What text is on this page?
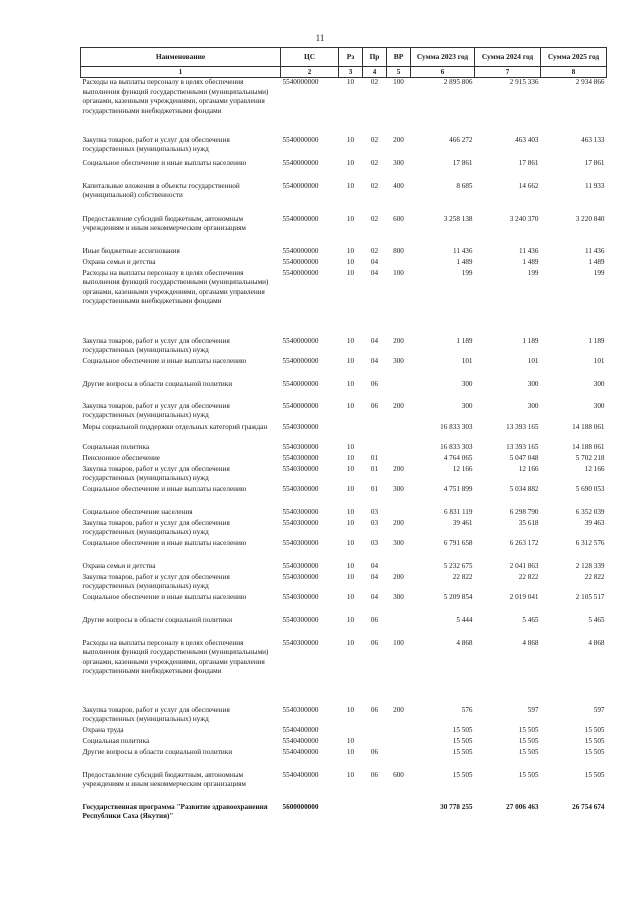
11
Наименование	ЦС	Рз	Пр	ВР	Сумма 2023 год	Сумма 2024 год	Сумма 2025 год
1	2	3	4	5	6	7	8
Расходы на выплаты персоналу в целях обеспечения выполнения функций государственными (муниципальными) органами, казенными учреждениями, органами управления государственными внебюджетными фондами	5540000000	10	02	100	2 895 806	2 915 336	2 934 866
Закупка товаров, работ и услуг для обеспечения государственных (муниципальных) нужд	5540000000	10	02	200	466 272	463 403	463 133
Социальное обеспечение и иные выплаты населению	5540000000	10	02	300	17 861	17 861	17 861
Капитальные вложения в объекты государственной (муниципальной) собственности	5540000000	10	02	400	8 685	14 662	11 933
Предоставление субсидий бюджетным, автономным учреждениям и иным некоммерческим организациям	5540000000	10	02	600	3 258 138	3 240 370	3 220 840
Иные бюджетные ассигнования	5540000000	10	02	800	11 436	11 436	11 436
Охрана семьи и детства	5540000000	10	04		1 489	1 489	1 489
Расходы на выплаты персоналу в целях обеспечения выполнения функций государственными (муниципальными) органами, казенными учреждениями, органами управления государственными внебюджетными фондами	5540000000	10	04	100	199	199	199
Закупка товаров, работ и услуг для обеспечения государственных (муниципальных) нужд	5540000000	10	04	200	1 189	1 189	1 189
Социальное обеспечение и иные выплаты населению	5540000000	10	04	300	101	101	101
Другие вопросы в области социальной политики	5540000000	10	06		300	300	300
Закупка товаров, работ и услуг для обеспечения государственных (муниципальных) нужд	5540000000	10	06	200	300	300	300
Меры социальной поддержки отдельных категорий граждан	5540300000				16 833 303	13 393 165	14 188 061
Социальная политика	5540300000	10			16 833 303	13 393 165	14 188 061
Пенсионное обеспечение	5540300000	10	01		4 764 065	5 047 048	5 702 218
Закупка товаров, работ и услуг для обеспечения государственных (муниципальных) нужд	5540300000	10	01	200	12 166	12 166	12 166
Социальное обеспечение и иные выплаты населению	5540300000	10	01	300	4 751 899	5 034 882	5 690 053
Социальное обеспечение населения	5540300000	10	03		6 831 119	6 298 790	6 352 039
Закупка товаров, работ и услуг для обеспечения государственных (муниципальных) нужд	5540300000	10	03	200	39 461	35 618	39 463
Социальное обеспечение и иные выплаты населению	5540300000	10	03	300	6 791 658	6 263 172	6 312 576
Охрана семьи и детства	5540300000	10	04		5 232 675	2 041 863	2 128 339
Закупка товаров, работ и услуг для обеспечения государственных (муниципальных) нужд	5540300000	10	04	200	22 822	22 822	22 822
Социальное обеспечение и иные выплаты населению	5540300000	10	04	300	5 209 854	2 019 041	2 105 517
Другие вопросы в области социальной политики	5540300000	10	06		5 444	5 465	5 465
Расходы на выплаты персоналу в целях обеспечения выполнения функций государственными (муниципальными) органами, казенными учреждениями, органами управления государственными внебюджетными фондами	5540300000	10	06	100	4 868	4 868	4 868
Закупка товаров, работ и услуг для обеспечения государственных (муниципальных) нужд	5540300000	10	06	200	576	597	597
Охрана труда	5540400000				15 505	15 505	15 505
Социальная политика	5540400000	10			15 505	15 505	15 505
Другие вопросы в области социальной политики	5540400000	10	06		15 505	15 505	15 505
Предоставление субсидий бюджетным, автономным учреждениям и иным некоммерческим организациям	5540400000	10	06	600	15 505	15 505	15 505
Государственная программа "Развитие здравоохранения Республики Саха (Якутия)"	5600000000				30 778 255	27 006 463	26 754 674
